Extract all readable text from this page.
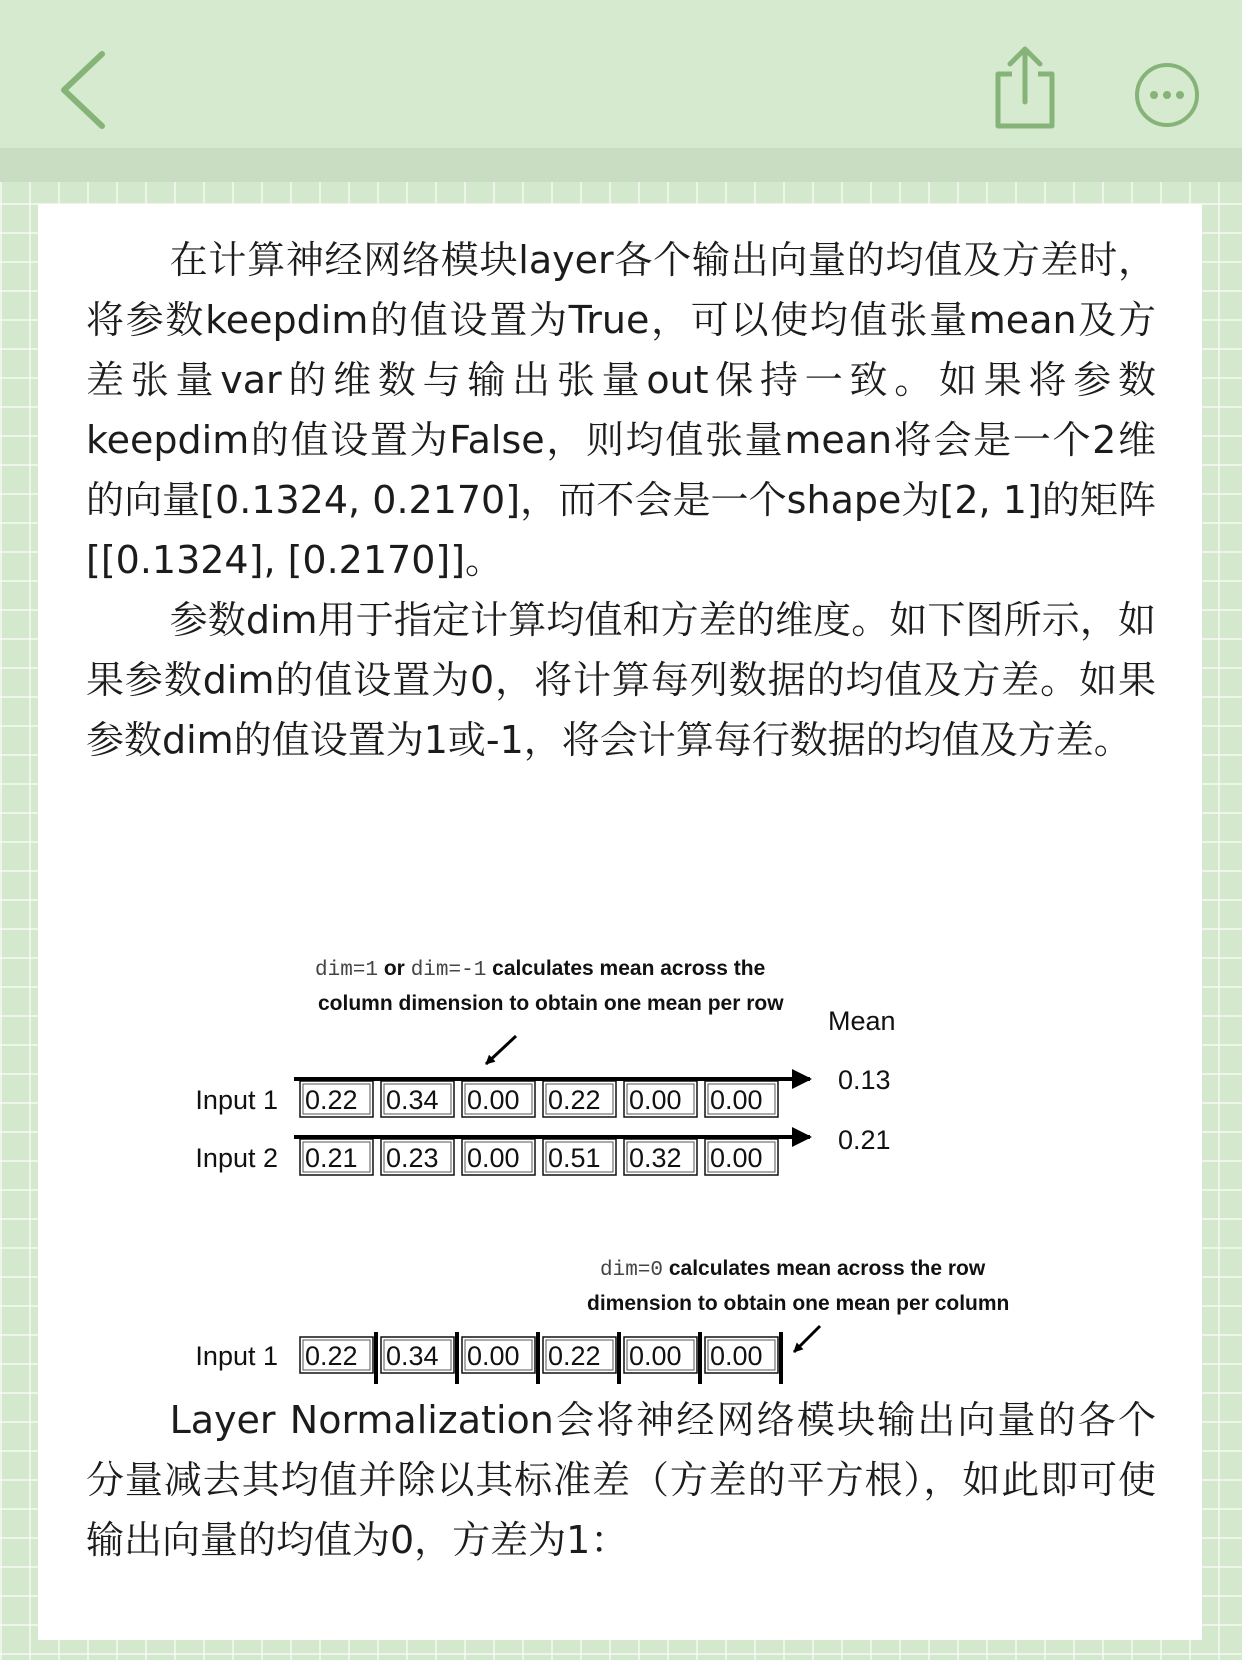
在计算神经网络模块layer各个输出向量的均值及方差时，将参数keepdim的值设置为True，可以使均值张量mean及方差张量var的维数与输出张量out保持一致。如果将参数keepdim的值设置为False，则均值张量mean将会是一个2维的向量[0.1324, 0.2170]，而不会是一个shape为[2, 1]的矩阵[[0.1324], [0.2170]]。

参数dim用于指定计算均值和方差的维度。如下图所示，如果参数dim的值设置为0，将计算每列数据的均值及方差。如果参数dim的值设置为1或-1，将会计算每行数据的均值及方差。

dim=1 or dim=-1 calculates mean across the
column dimension to obtain one mean per row
Mean
Input 1 0.22 0.34 0.00 0.22 0.00 0.00
Input 2 0.21 0.23 0.00 0.51 0.32 0.00
0.13
0.21
dim=0 calculates mean across the row
dimension to obtain one mean per column
Input 1 0.22 0.34 0.00 0.22 0.00 0.00

Layer Normalization会将神经网络模块输出向量的各个分量减去其均值并除以其标准差（方差的平方根），如此即可使输出向量的均值为0，方差为1：
